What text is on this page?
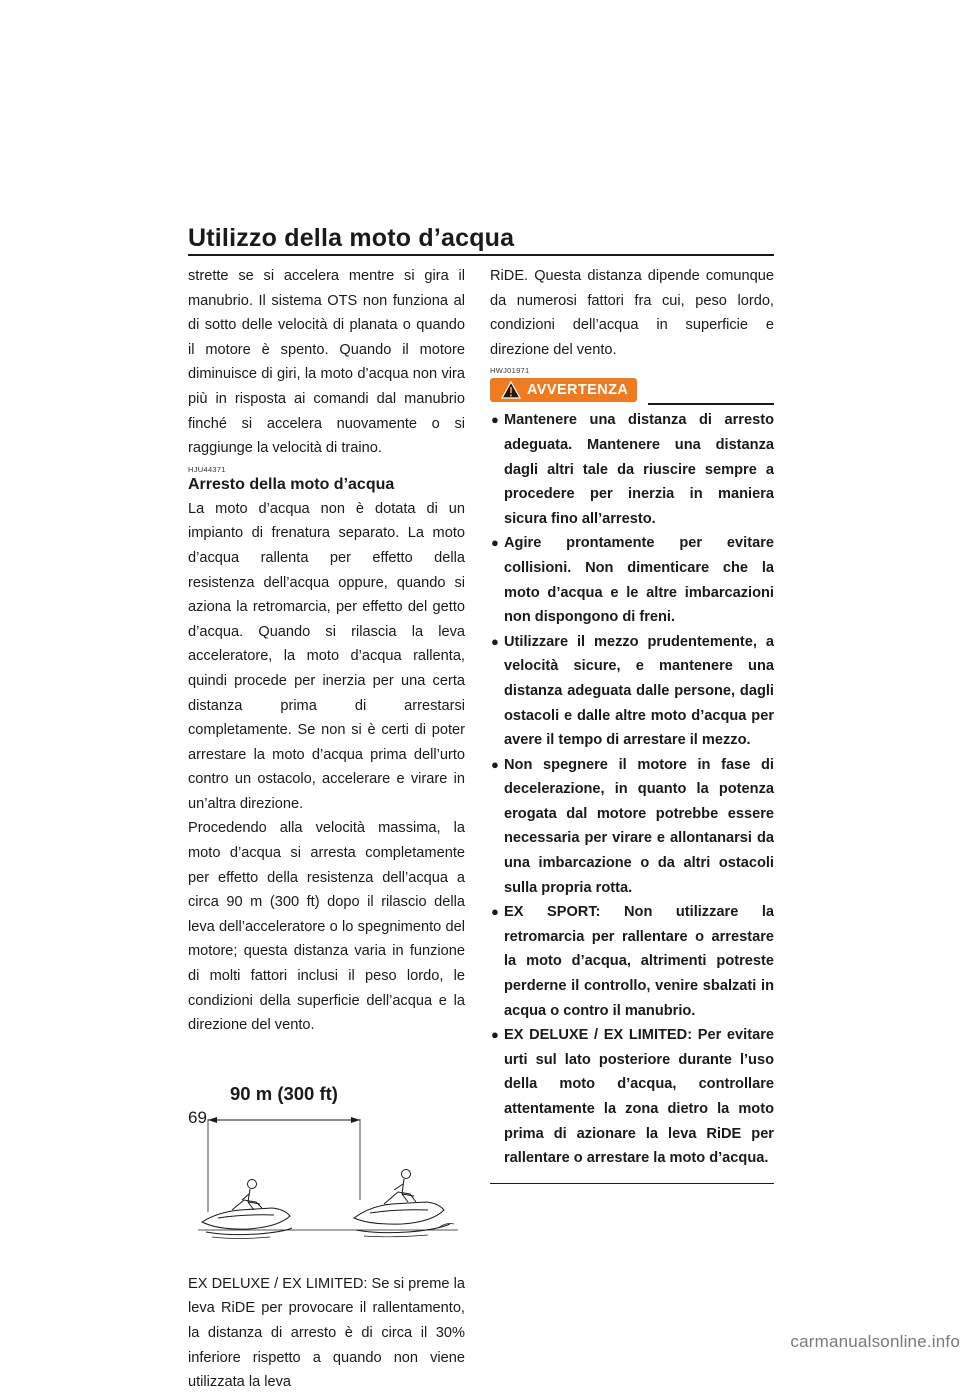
Utilizzo della moto d’acqua

strette se si accelera mentre si gira il manubrio. Il sistema OTS non funziona al di sotto delle velocità di planata o quando il motore è spento. Quando il motore diminuisce di giri, la moto d’acqua non vira più in risposta ai comandi dal manubrio finché si accelera nuovamente o si raggiunge la velocità di traino.

HJU44371
Arresto della moto d’acqua

La moto d’acqua non è dotata di un impianto di frenatura separato. La moto d’acqua rallenta per effetto della resistenza dell’acqua oppure, quando si aziona la retromarcia, per effetto del getto d’acqua. Quando si rilascia la leva acceleratore, la moto d’acqua rallenta, quindi procede per inerzia per una certa distanza prima di arrestarsi completamente. Se non si è certi di poter arrestare la moto d’acqua prima dell’urto contro un ostacolo, accelerare e virare in un’altra direzione.

Procedendo alla velocità massima, la moto d’acqua si arresta completamente per effetto della resistenza dell’acqua a circa 90 m (300 ft) dopo il rilascio della leva dell’acceleratore o lo spegnimento del motore; questa distanza varia in funzione di molti fattori inclusi il peso lordo, le condizioni della superficie dell’acqua e la direzione del vento.

90 m (300 ft)

EX DELUXE / EX LIMITED: Se si preme la leva RiDE per provocare il rallentamento, la distanza di arresto è di circa il 30% inferiore rispetto a quando non viene utilizzata la leva

RiDE. Questa distanza dipende comunque da numerosi fattori fra cui, peso lordo, condizioni dell’acqua in superficie e direzione del vento.

HWJ01971
AVVERTENZA
● Mantenere una distanza di arresto adeguata. Mantenere una distanza dagli altri tale da riuscire sempre a procedere per inerzia in maniera sicura fino all’arresto.
● Agire prontamente per evitare collisioni. Non dimenticare che la moto d’acqua e le altre imbarcazioni non dispongono di freni.
● Utilizzare il mezzo prudentemente, a velocità sicure, e mantenere una distanza adeguata dalle persone, dagli ostacoli e dalle altre moto d’acqua per avere il tempo di arrestare il mezzo.
● Non spegnere il motore in fase di decelerazione, in quanto la potenza erogata dal motore potrebbe essere necessaria per virare e allontanarsi da una imbarcazione o da altri ostacoli sulla propria rotta.
● EX SPORT: Non utilizzare la retromarcia per rallentare o arrestare la moto d’acqua, altrimenti potreste perderne il controllo, venire sbalzati in acqua o contro il manubrio.
● EX DELUXE / EX LIMITED: Per evitare urti sul lato posteriore durante l’uso della moto d’acqua, controllare attentamente la zona dietro la moto prima di azionare la leva RiDE per rallentare o arrestare la moto d’acqua.
69
carmanualsonline.info
